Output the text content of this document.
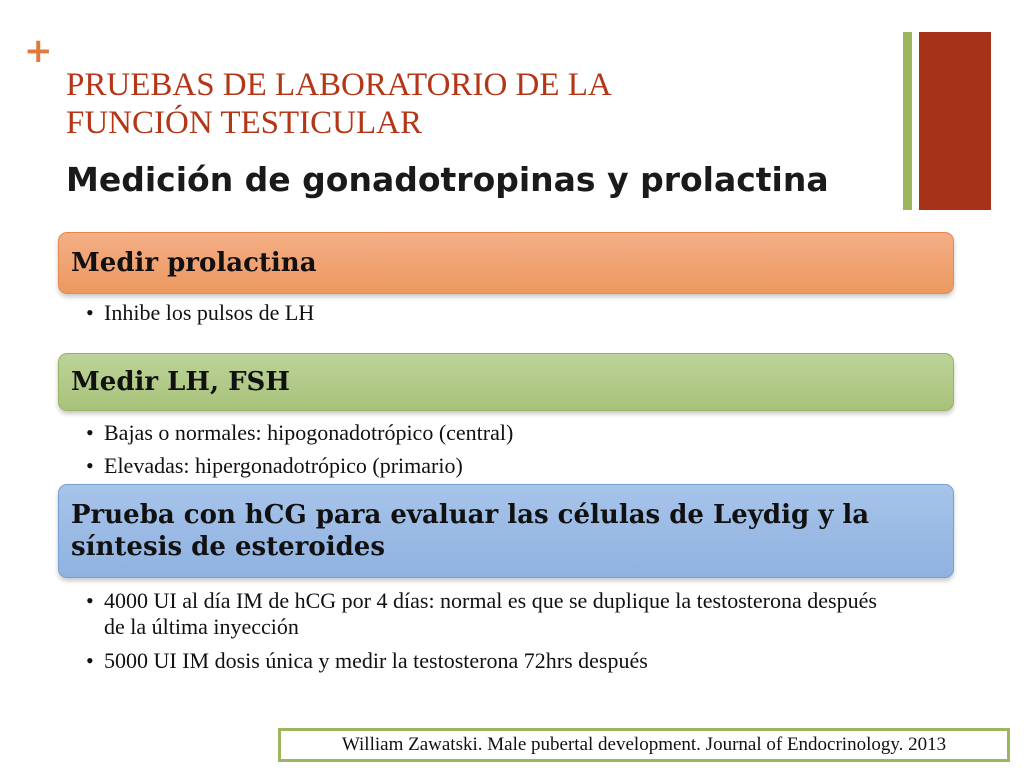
+
PRUEBAS DE LABORATORIO DE LA
FUNCIÓN TESTICULAR
Medición de gonadotropinas y prolactina
Medir prolactina
• Inhibe los pulsos de LH
Medir LH, FSH
• Bajas o normales: hipogonadotrópico (central)
• Elevadas: hipergonadotrópico (primario)
Prueba con hCG para evaluar las células de Leydig y la síntesis de esteroides
• 4000 UI al día IM de hCG por 4 días: normal es que se duplique la testosterona después de la última inyección
• 5000 UI IM dosis única y medir la testosterona 72hrs después
William Zawatski. Male pubertal development. Journal of Endocrinology. 2013
